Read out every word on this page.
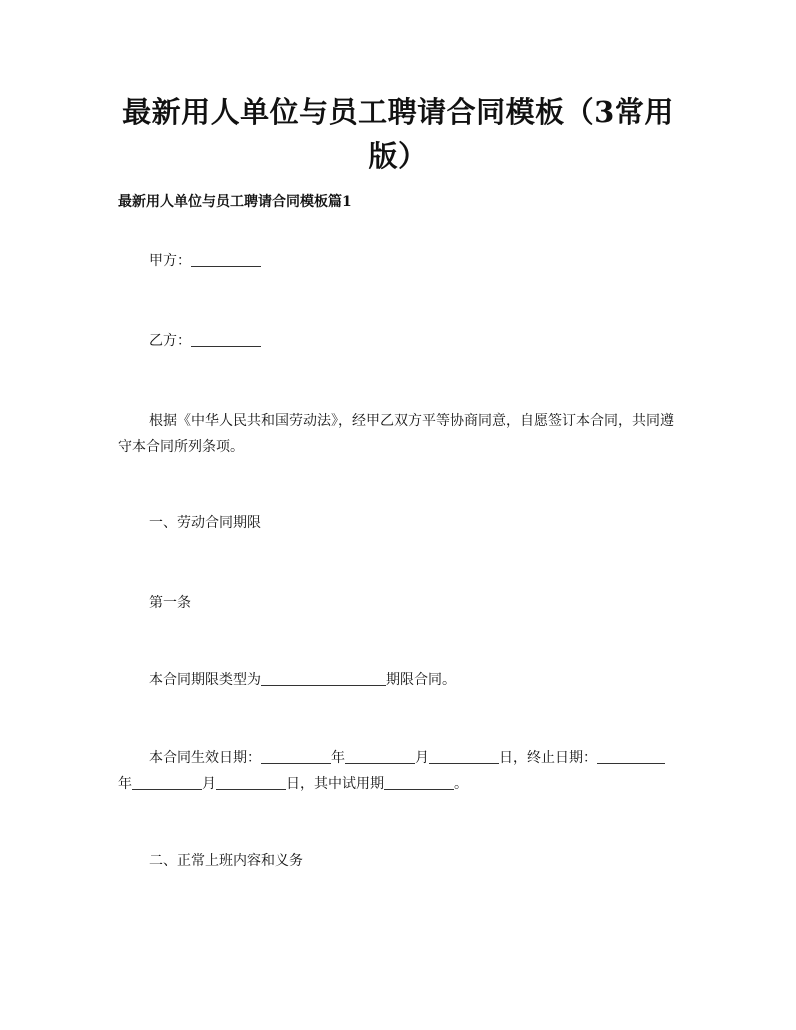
最新用人单位与员工聘请合同模板（3常用版）
最新用人单位与员工聘请合同模板篇1
甲方：
乙方：
根据《中华人民共和国劳动法》，经甲乙双方平等协商同意，自愿签订本合同，共同遵守本合同所列条项。
一、劳动合同期限
第一条
本合同期限类型为	期限合同。
本合同生效日期：	年	月	日，终止日期：年	月	日，其中试用期	。
二、正常上班内容和义务
